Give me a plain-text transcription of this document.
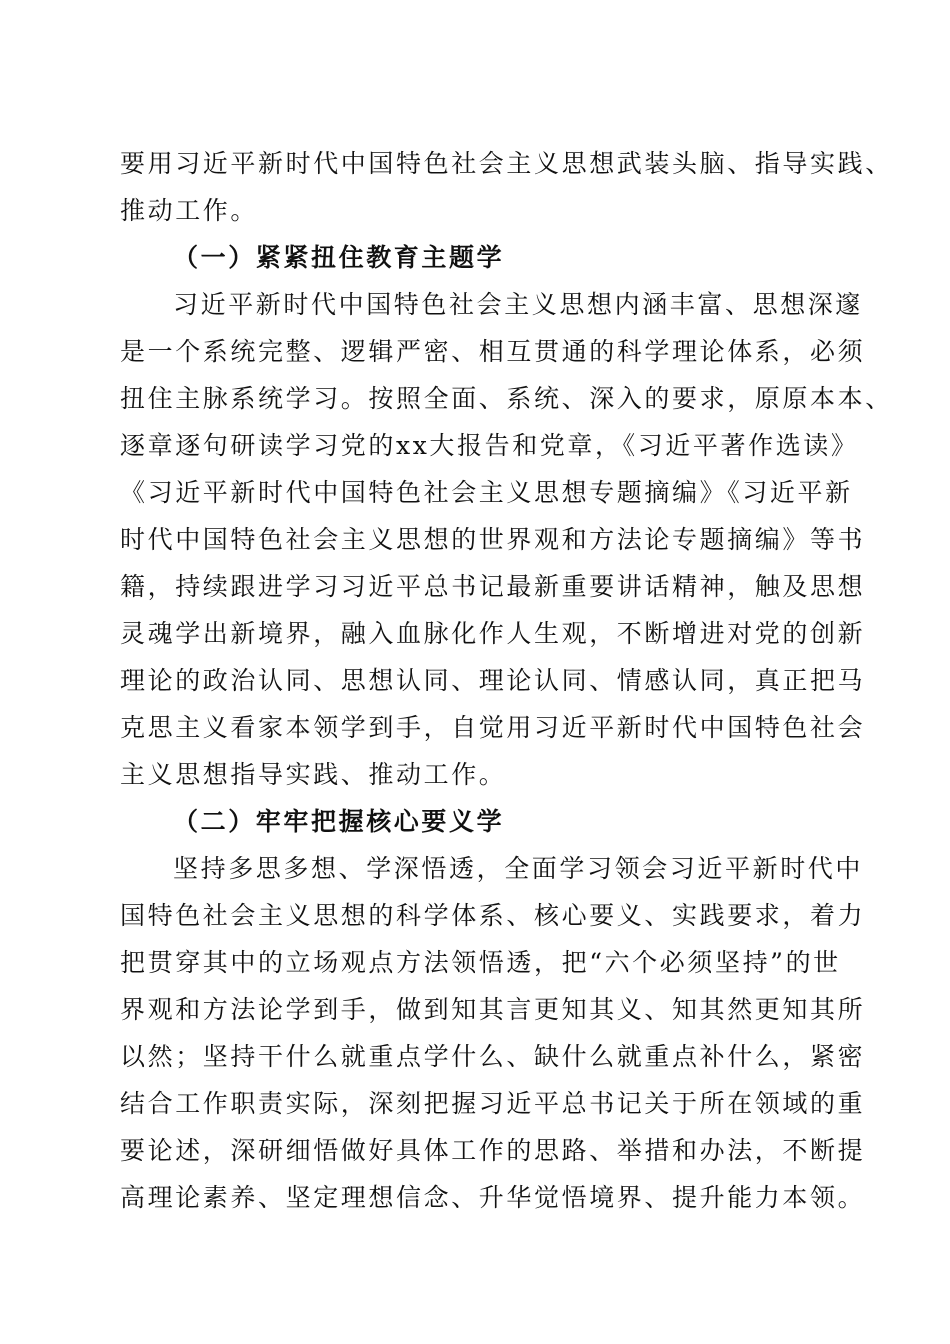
要用习近平新时代中国特色社会主义思想武装头脑、指导实践、
推动工作。
（一）紧紧扭住教育主题学
习近平新时代中国特色社会主义思想内涵丰富、思想深邃
是一个系统完整、逻辑严密、相互贯通的科学理论体系，必须
扭住主脉系统学习。按照全面、系统、深入的要求，原原本本、
逐章逐句研读学习党的xx大报告和党章，《习近平著作选读》
《习近平新时代中国特色社会主义思想专题摘编》《习近平新
时代中国特色社会主义思想的世界观和方法论专题摘编》等书
籍，持续跟进学习习近平总书记最新重要讲话精神，触及思想
灵魂学出新境界，融入血脉化作人生观，不断增进对党的创新
理论的政治认同、思想认同、理论认同、情感认同，真正把马
克思主义看家本领学到手，自觉用习近平新时代中国特色社会
主义思想指导实践、推动工作。
（二）牢牢把握核心要义学
坚持多思多想、学深悟透，全面学习领会习近平新时代中
国特色社会主义思想的科学体系、核心要义、实践要求，着力
把贯穿其中的立场观点方法领悟透，把“六个必须坚持”的世
界观和方法论学到手，做到知其言更知其义、知其然更知其所
以然；坚持干什么就重点学什么、缺什么就重点补什么，紧密
结合工作职责实际，深刻把握习近平总书记关于所在领域的重
要论述，深研细悟做好具体工作的思路、举措和办法，不断提
高理论素养、坚定理想信念、升华觉悟境界、提升能力本领。
